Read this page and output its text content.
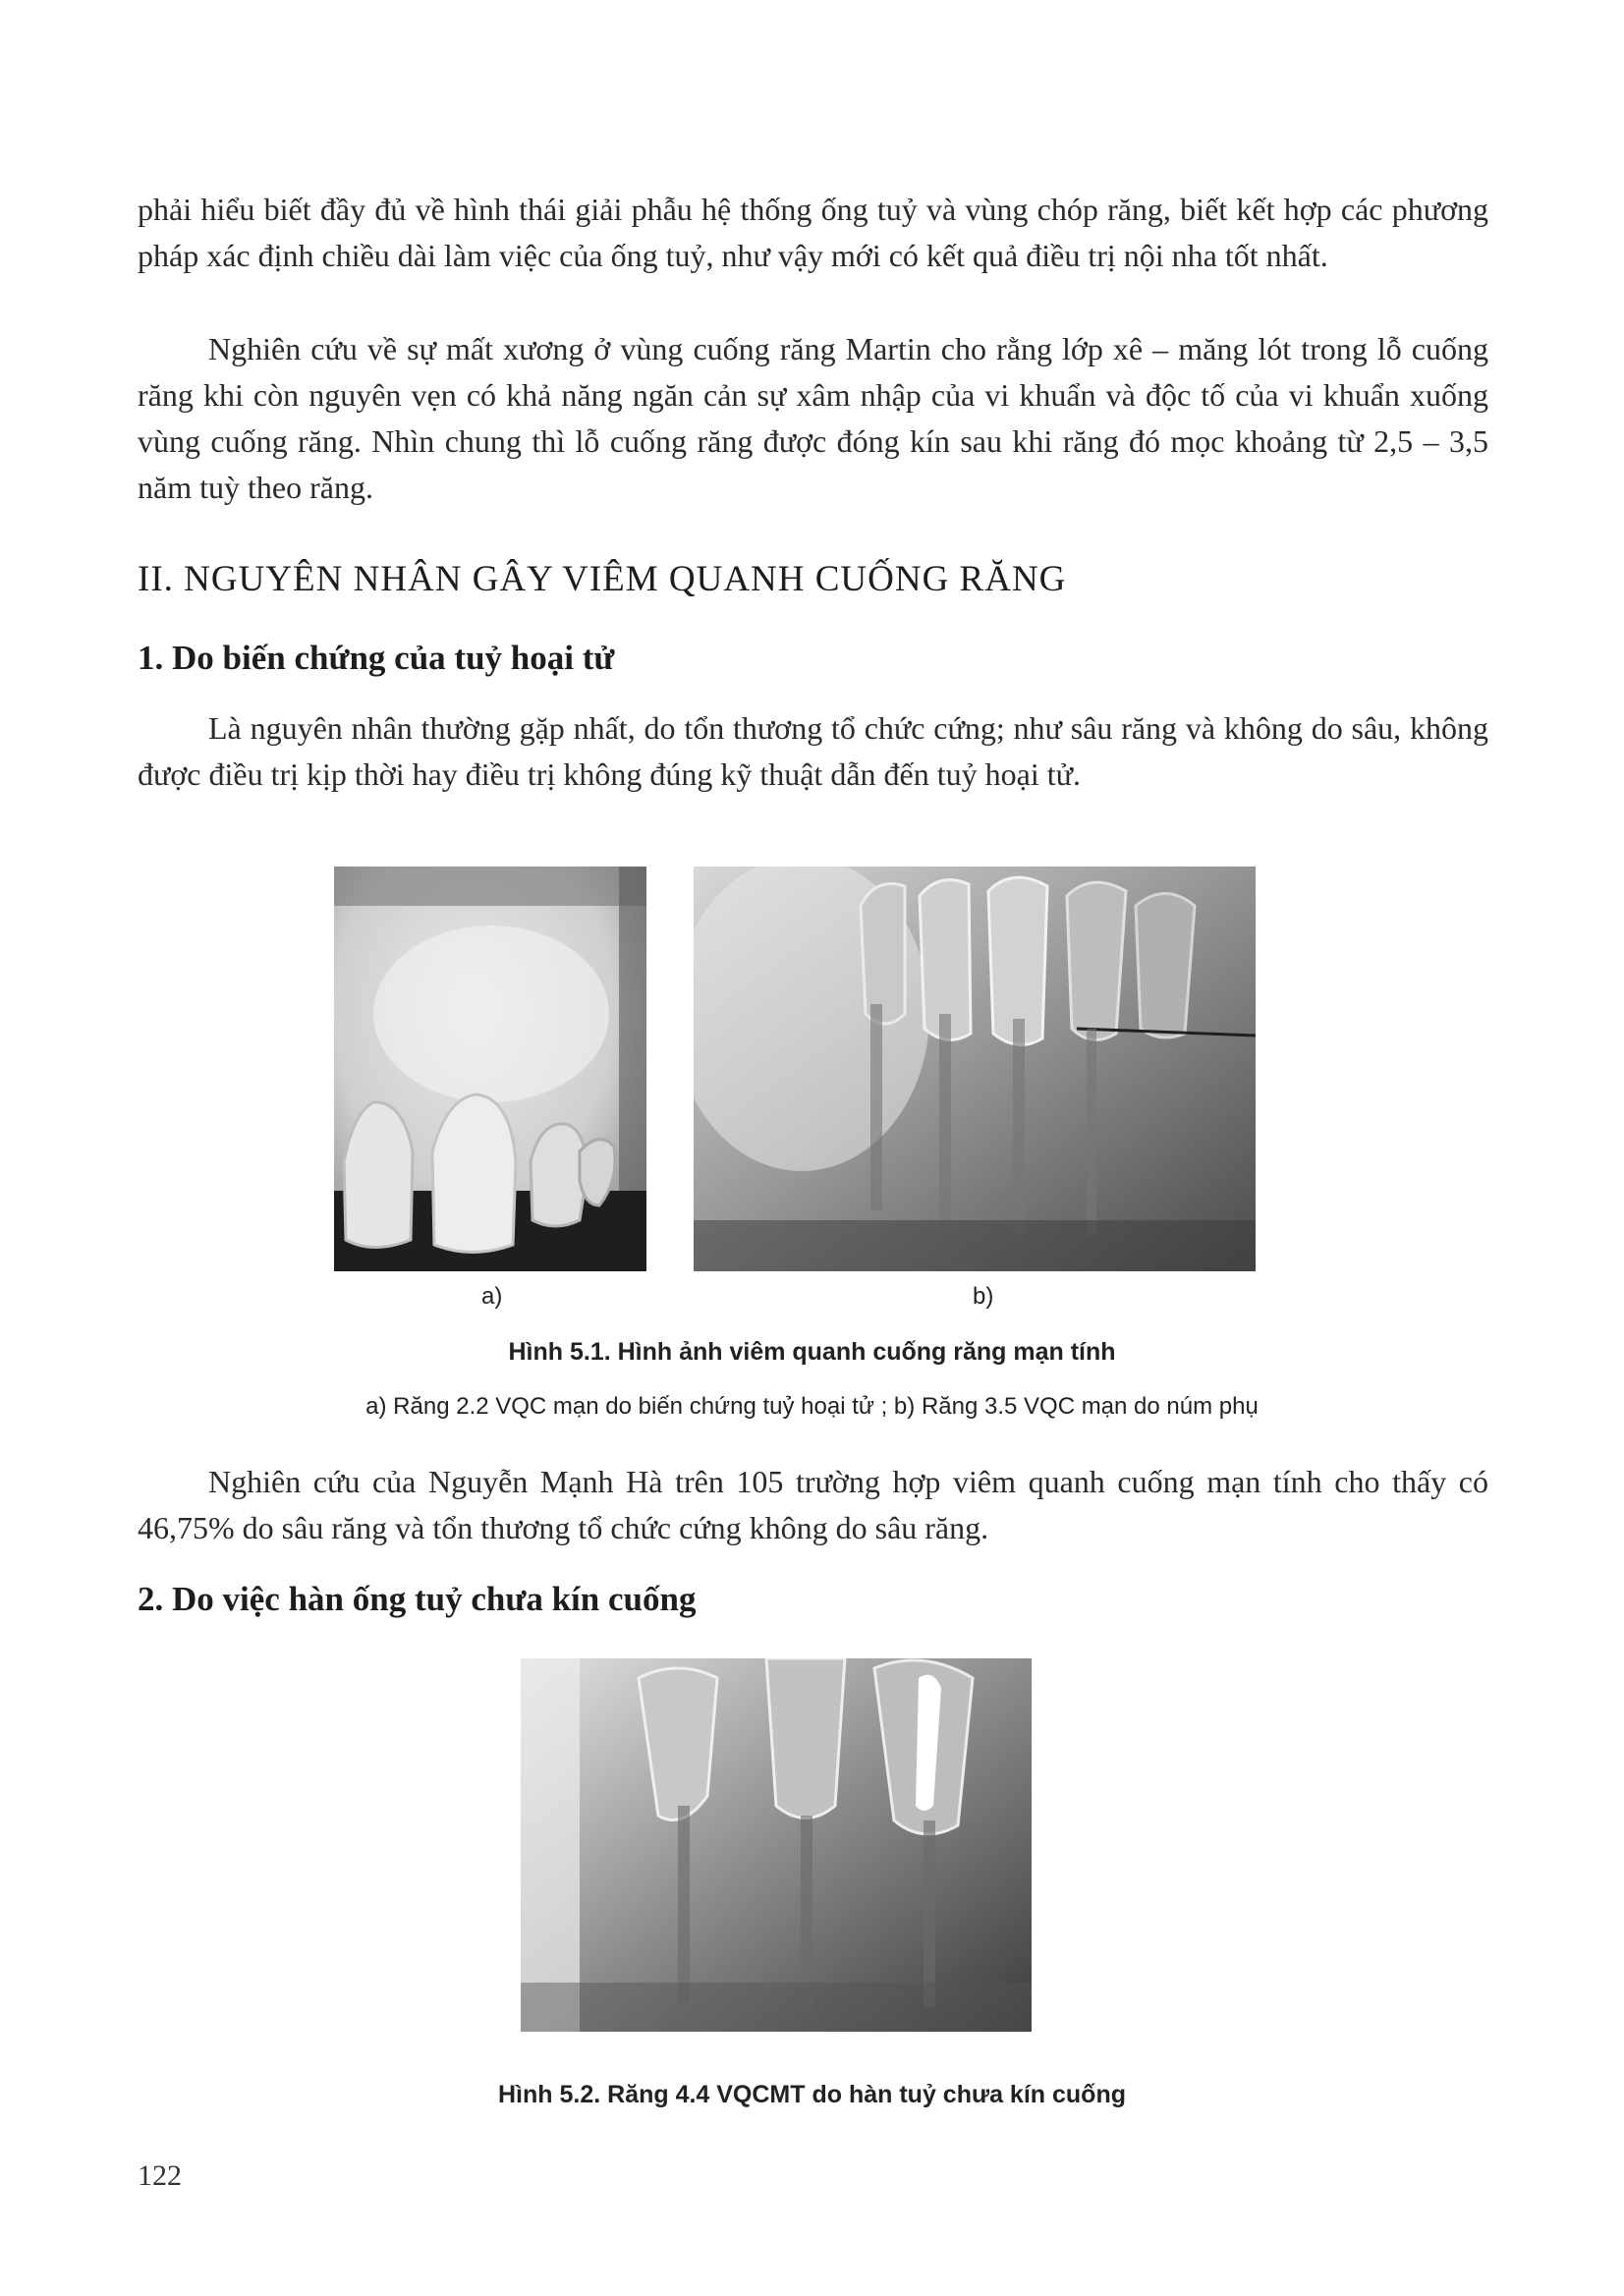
phải hiểu biết đầy đủ về hình thái giải phẫu hệ thống ống tuỷ và vùng chóp răng, biết kết hợp các phương pháp xác định chiều dài làm việc của ống tuỷ, như vậy mới có kết quả điều trị nội nha tốt nhất.

Nghiên cứu về sự mất xương ở vùng cuống răng Martin cho rằng lớp xê – măng lót trong lỗ cuống răng khi còn nguyên vẹn có khả năng ngăn cản sự xâm nhập của vi khuẩn và độc tố của vi khuẩn xuống vùng cuống răng. Nhìn chung thì lỗ cuống răng được đóng kín sau khi răng đó mọc khoảng từ 2,5 – 3,5 năm tuỳ theo răng.

II. NGUYÊN NHÂN GÂY VIÊM QUANH CUỐNG RĂNG
1. Do biến chứng của tuỷ hoại tử

Là nguyên nhân thường gặp nhất, do tổn thương tổ chức cứng; như sâu răng và không do sâu, không được điều trị kịp thời hay điều trị không đúng kỹ thuật dẫn đến tuỷ hoại tử.

a)	b)

Hình 5.1. Hình ảnh viêm quanh cuống răng mạn tính

a) Răng 2.2 VQC mạn do biến chứng tuỷ hoại tử ; b) Răng 3.5 VQC mạn do núm phụ

Nghiên cứu của Nguyễn Mạnh Hà trên 105 trường hợp viêm quanh cuống mạn tính cho thấy có 46,75% do sâu răng và tổn thương tổ chức cứng không do sâu răng.

2. Do việc hàn ống tuỷ chưa kín cuống

Hình 5.2. Răng 4.4 VQCMT do hàn tuỷ chưa kín cuống

122
